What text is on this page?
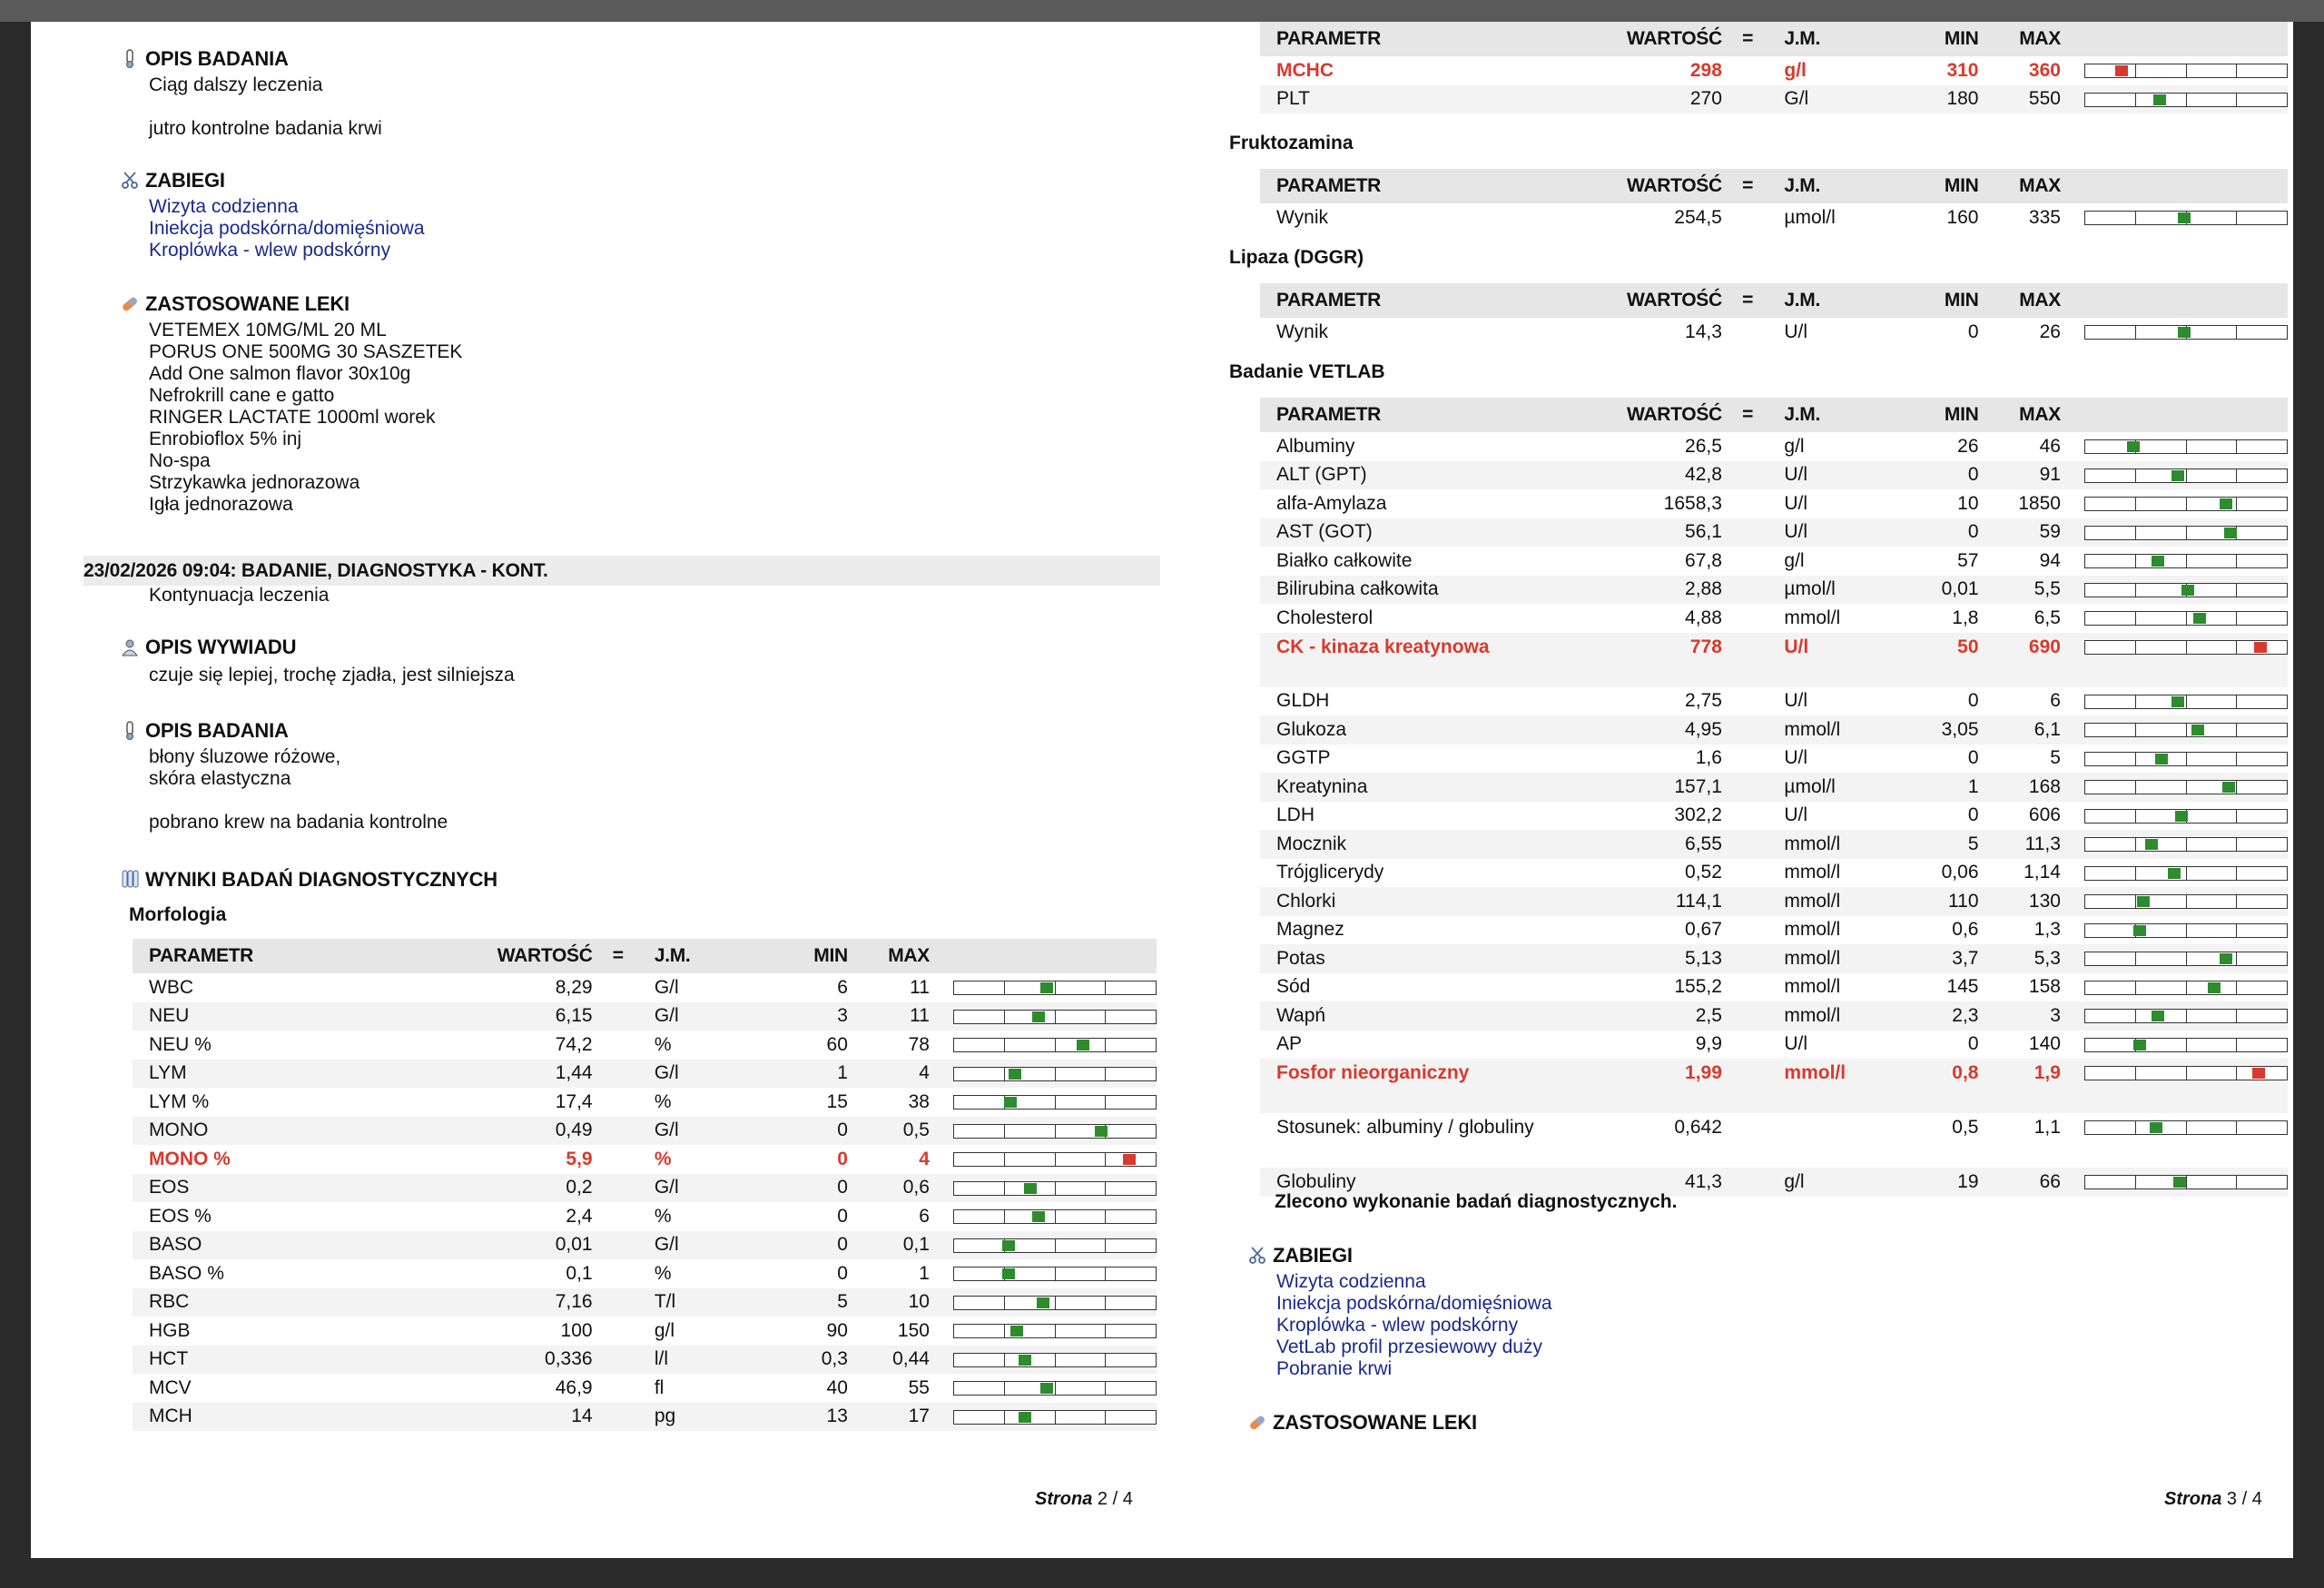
OPIS BADANIA
Ciąg dalszy leczenia
jutro kontrolne badania krwi
ZABIEGI
Wizyta codzienna
Iniekcja podskórna/domięśniowa
Kroplówka - wlew podskórny
ZASTOSOWANE LEKI
VETEMEX 10MG/ML 20 ML
PORUS ONE 500MG 30 SASZETEK
Add One salmon flavor 30x10g
Nefrokrill cane e gatto
RINGER LACTATE 1000ml worek
Enrobioflox 5% inj
No-spa
Strzykawka jednorazowa
Igła jednorazowa
23/02/2026 09:04: BADANIE, DIAGNOSTYKA - KONT.
Kontynuacja leczenia
OPIS WYWIADU
czuje się lepiej, trochę zjadła, jest silniejsza
OPIS BADANIA
błony śluzowe różowe,
skóra elastyczna
pobrano krew na badania kontrolne
WYNIKI BADAŃ DIAGNOSTYCZNYCH
Morfologia
PARAMETR	WARTOŚĆ	=	J.M.	MIN	MAX	
WBC	8,29		G/l	6	11	

NEU	6,15		G/l	3	11	

NEU %	74,2		%	60	78	

LYM	1,44		G/l	1	4	

LYM %	17,4		%	15	38	

MONO	0,49		G/l	0	0,5	

MONO %	5,9		%	0	4	

EOS	0,2		G/l	0	0,6	

EOS %	2,4		%	0	6	

BASO	0,01		G/l	0	0,1	

BASO %	0,1		%	0	1	

RBC	7,16		T/l	5	10	

HGB	100		g/l	90	150	

HCT	0,336		l/l	0,3	0,44	

MCV	46,9		fl	40	55	

MCH	14		pg	13	17	
Strona 2 / 4
PARAMETR	WARTOŚĆ	=	J.M.	MIN	MAX	
MCHC	298		g/l	310	360	

PLT	270		G/l	180	550	
Fruktozamina
PARAMETR	WARTOŚĆ	=	J.M.	MIN	MAX	
Wynik	254,5		µmol/l	160	335	
Lipaza (DGGR)
PARAMETR	WARTOŚĆ	=	J.M.	MIN	MAX	
Wynik	14,3		U/l	0	26	
Badanie VETLAB
PARAMETR	WARTOŚĆ	=	J.M.	MIN	MAX	
Albuminy	26,5		g/l	26	46	

ALT (GPT)	42,8		U/l	0	91	

alfa-Amylaza	1658,3		U/l	10	1850	

AST (GOT)	56,1		U/l	0	59	

Białko całkowite	67,8		g/l	57	94	

Bilirubina całkowita	2,88		µmol/l	0,01	5,5	

Cholesterol	4,88		mmol/l	1,8	6,5	

CK - kinaza kreatynowa	778		U/l	50	690	

GLDH	2,75		U/l	0	6	

Glukoza	4,95		mmol/l	3,05	6,1	

GGTP	1,6		U/l	0	5	

Kreatynina	157,1		µmol/l	1	168	

LDH	302,2		U/l	0	606	

Mocznik	6,55		mmol/l	5	11,3	

Trójglicerydy	0,52		mmol/l	0,06	1,14	

Chlorki	114,1		mmol/l	110	130	

Magnez	0,67		mmol/l	0,6	1,3	

Potas	5,13		mmol/l	3,7	5,3	

Sód	155,2		mmol/l	145	158	

Wapń	2,5		mmol/l	2,3	3	

AP	9,9		U/l	0	140	

Fosfor nieorganiczny	1,99		mmol/l	0,8	1,9	

Stosunek: albuminy / globuliny	0,642			0,5	1,1	

Globuliny	41,3		g/l	19	66	
Zlecono wykonanie badań diagnostycznych.
ZABIEGI
Wizyta codzienna
Iniekcja podskórna/domięśniowa
Kroplówka - wlew podskórny
VetLab profil przesiewowy duży
Pobranie krwi
ZASTOSOWANE LEKI
Strona 3 / 4
